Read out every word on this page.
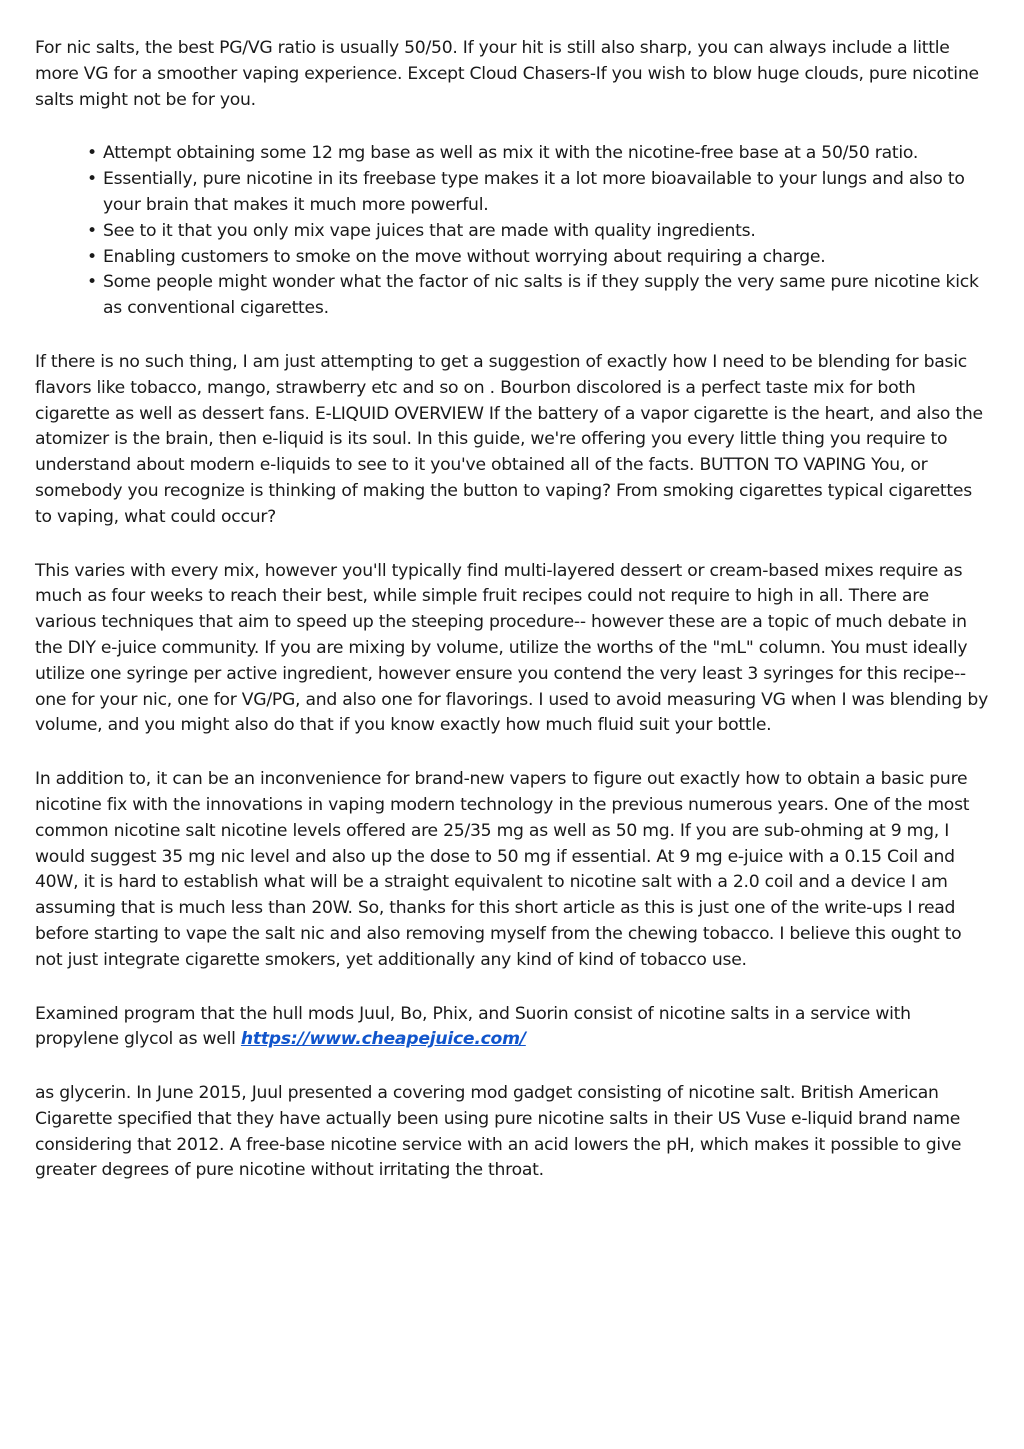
For nic salts, the best PG/VG ratio is usually 50/50. If your hit is still also sharp, you can always include a little more VG for a smoother vaping experience. Except Cloud Chasers-If you wish to blow huge clouds, pure nicotine salts might not be for you.

• Attempt obtaining some 12 mg base as well as mix it with the nicotine-free base at a 50/50 ratio.
• Essentially, pure nicotine in its freebase type makes it a lot more bioavailable to your lungs and also to your brain that makes it much more powerful.
• See to it that you only mix vape juices that are made with quality ingredients.
• Enabling customers to smoke on the move without worrying about requiring a charge.
• Some people might wonder what the factor of nic salts is if they supply the very same pure nicotine kick as conventional cigarettes.

If there is no such thing, I am just attempting to get a suggestion of exactly how I need to be blending for basic flavors like tobacco, mango, strawberry etc and so on . Bourbon discolored is a perfect taste mix for both cigarette as well as dessert fans. E-LIQUID OVERVIEW If the battery of a vapor cigarette is the heart, and also the atomizer is the brain, then e-liquid is its soul. In this guide, we're offering you every little thing you require to understand about modern e-liquids to see to it you've obtained all of the facts. BUTTON TO VAPING You, or somebody you recognize is thinking of making the button to vaping? From smoking cigarettes typical cigarettes to vaping, what could occur?

This varies with every mix, however you'll typically find multi-layered dessert or cream-based mixes require as much as four weeks to reach their best, while simple fruit recipes could not require to high in all. There are various techniques that aim to speed up the steeping procedure-- however these are a topic of much debate in the DIY e-juice community. If you are mixing by volume, utilize the worths of the "mL" column. You must ideally utilize one syringe per active ingredient, however ensure you contend the very least 3 syringes for this recipe-- one for your nic, one for VG/PG, and also one for flavorings. I used to avoid measuring VG when I was blending by volume, and you might also do that if you know exactly how much fluid suit your bottle.

In addition to, it can be an inconvenience for brand-new vapers to figure out exactly how to obtain a basic pure nicotine fix with the innovations in vaping modern technology in the previous numerous years. One of the most common nicotine salt nicotine levels offered are 25/35 mg as well as 50 mg. If you are sub-ohming at 9 mg, I would suggest 35 mg nic level and also up the dose to 50 mg if essential. At 9 mg e-juice with a 0.15 Coil and 40W, it is hard to establish what will be a straight equivalent to nicotine salt with a 2.0 coil and a device I am assuming that is much less than 20W. So, thanks for this short article as this is just one of the write-ups I read before starting to vape the salt nic and also removing myself from the chewing tobacco. I believe this ought to not just integrate cigarette smokers, yet additionally any kind of kind of tobacco use.

Examined program that the hull mods Juul, Bo, Phix, and Suorin consist of nicotine salts in a service with propylene glycol as well https://www.cheapejuice.com/

as glycerin. In June 2015, Juul presented a covering mod gadget consisting of nicotine salt. British American Cigarette specified that they have actually been using pure nicotine salts in their US Vuse e-liquid brand name considering that 2012. A free-base nicotine service with an acid lowers the pH, which makes it possible to give greater degrees of pure nicotine without irritating the throat.
